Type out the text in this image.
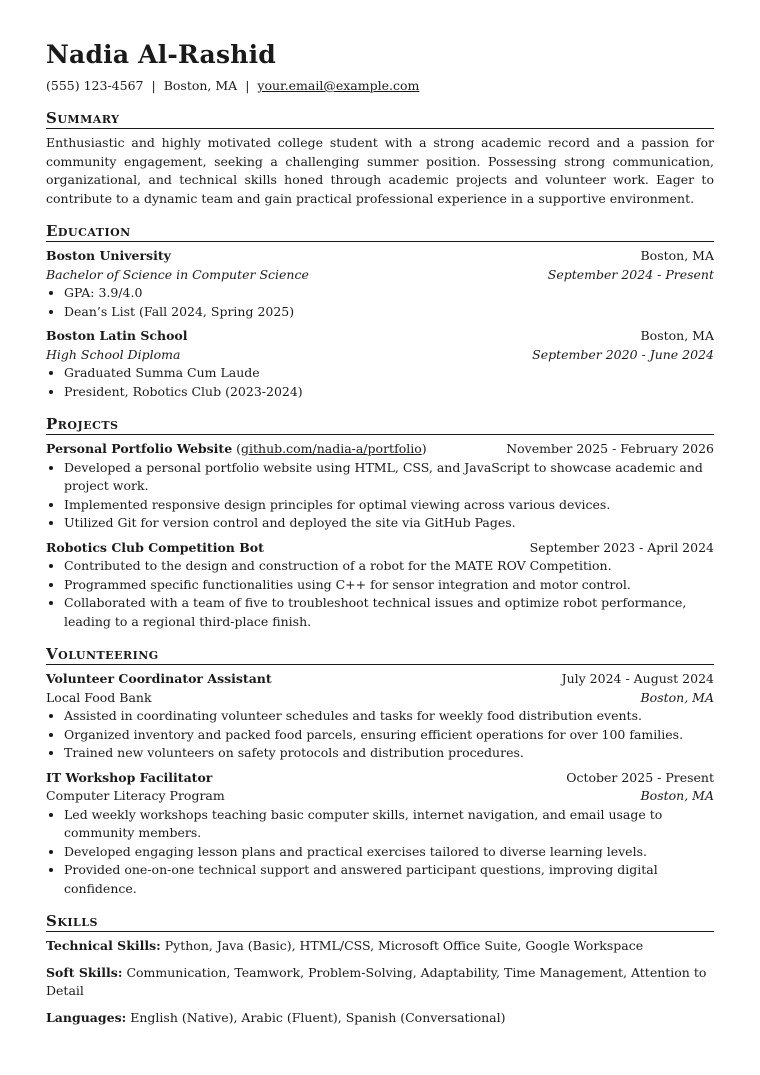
Nadia Al-Rashid
(555) 123-4567 | Boston, MA | your.email@example.com
Summary

Enthusiastic and highly motivated college student with a strong academic record and a passion for community engagement, seeking a challenging summer position. Possessing strong communication, organizational, and technical skills honed through academic projects and volunteer work. Eager to contribute to a dynamic team and gain practical professional experience in a supportive environment.

Education
Boston University	Boston, MA
Bachelor of Science in Computer Science	September 2024 - Present
• GPA: 3.9/4.0
• Dean’s List (Fall 2024, Spring 2025)
Boston Latin School	Boston, MA
High School Diploma	September 2020 - June 2024
• Graduated Summa Cum Laude
• President, Robotics Club (2023-2024)
Projects
Personal Portfolio Website (github.com/nadia-a/portfolio)	November 2025 - February 2026
• Developed a personal portfolio website using HTML, CSS, and JavaScript to showcase academic and project work.
• Implemented responsive design principles for optimal viewing across various devices.
• Utilized Git for version control and deployed the site via GitHub Pages.
Robotics Club Competition Bot	September 2023 - April 2024
• Contributed to the design and construction of a robot for the MATE ROV Competition.
• Programmed specific functionalities using C++ for sensor integration and motor control.
• Collaborated with a team of five to troubleshoot technical issues and optimize robot performance, leading to a regional third-place finish.
Volunteering
Volunteer Coordinator Assistant	July 2024 - August 2024
Local Food Bank	Boston, MA
• Assisted in coordinating volunteer schedules and tasks for weekly food distribution events.
• Organized inventory and packed food parcels, ensuring efficient operations for over 100 families.
• Trained new volunteers on safety protocols and distribution procedures.
IT Workshop Facilitator	October 2025 - Present
Computer Literacy Program	Boston, MA
• Led weekly workshops teaching basic computer skills, internet navigation, and email usage to community members.
• Developed engaging lesson plans and practical exercises tailored to diverse learning levels.
• Provided one-on-one technical support and answered participant questions, improving digital confidence.
Skills

Technical Skills: Python, Java (Basic), HTML/CSS, Microsoft Office Suite, Google Workspace

Soft Skills: Communication, Teamwork, Problem-Solving, Adaptability, Time Management, Attention to Detail

Languages: English (Native), Arabic (Fluent), Spanish (Conversational)
